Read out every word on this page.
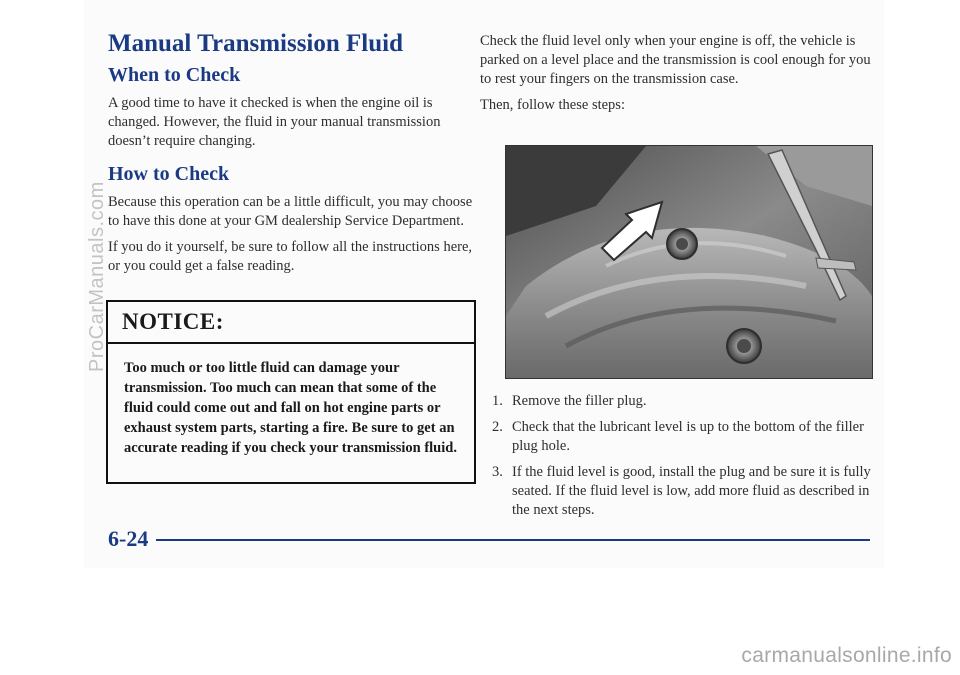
Manual Transmission Fluid
When to Check

A good time to have it checked is when the engine oil is changed. However, the fluid in your manual transmission doesn’t require changing.

How to Check

Because this operation can be a little difficult, you may choose to have this done at your GM dealership Service Department.

If you do it yourself, be sure to follow all the instructions here, or you could get a false reading.

NOTICE:
Too much or too little fluid can damage your transmission. Too much can mean that some of the fluid could come out and fall on hot engine parts or exhaust system parts, starting a fire. Be sure to get an accurate reading if you check your transmission fluid.

Check the fluid level only when your engine is off, the vehicle is parked on a level place and the transmission is cool enough for you to rest your fingers on the transmission case.

Then, follow these steps:

1. Remove the filler plug.
2. Check that the lubricant level is up to the bottom of the filler plug hole.
3. If the fluid level is good, install the plug and be sure it is fully seated. If the fluid level is low, add more fluid as described in the next steps.
6-24
ProCarManuals.com
carmanualsonline.info
